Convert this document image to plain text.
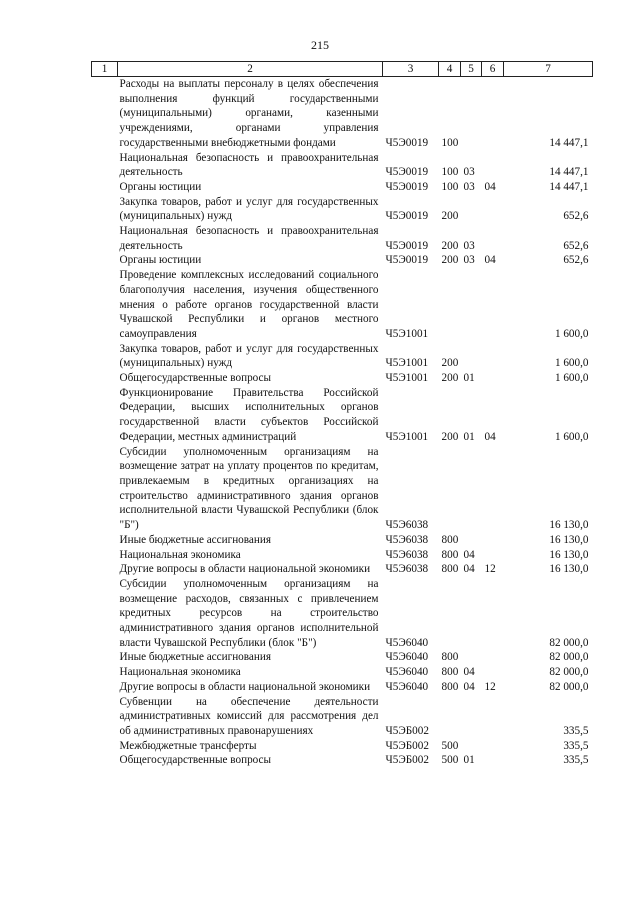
215
1	2	3	4	5	6	7
	Расходы на выплаты персоналу в целях обеспечения выполнения функций государственными (муниципальными) органами, казенными учреждениями, органами управления государственными внебюджетными фондами	Ч5Э0019	100			14 447,1
	Национальная безопасность и правоохранительная деятельность	Ч5Э0019	100	03		14 447,1
	Органы юстиции	Ч5Э0019	100	03	04	14 447,1
	Закупка товаров, работ и услуг для государственных (муниципальных) нужд	Ч5Э0019	200			652,6
	Национальная безопасность и правоохранительная деятельность	Ч5Э0019	200	03		652,6
	Органы юстиции	Ч5Э0019	200	03	04	652,6
	Проведение комплексных исследований социального благополучия населения, изучения общественного мнения о работе органов государственной власти Чувашской Республики и органов местного самоуправления	Ч5Э1001				1 600,0
	Закупка товаров, работ и услуг для государственных (муниципальных) нужд	Ч5Э1001	200			1 600,0
	Общегосударственные вопросы	Ч5Э1001	200	01		1 600,0
	Функционирование Правительства Российской Федерации, высших исполнительных органов государственной власти субъектов Российской Федерации, местных администраций	Ч5Э1001	200	01	04	1 600,0
	Субсидии уполномоченным организациям на возмещение затрат на уплату процентов по кредитам, привлекаемым в кредитных организациях на строительство административного здания органов исполнительной власти Чувашской Республики (блок "Б")	Ч5Э6038				16 130,0
	Иные бюджетные ассигнования	Ч5Э6038	800			16 130,0
	Национальная экономика	Ч5Э6038	800	04		16 130,0
	Другие вопросы в области национальной экономики	Ч5Э6038	800	04	12	16 130,0
	Субсидии уполномоченным организациям на возмещение расходов, связанных с привлечением кредитных ресурсов на строительство административного здания органов исполнительной власти Чувашской Республики (блок "Б")	Ч5Э6040				82 000,0
	Иные бюджетные ассигнования	Ч5Э6040	800			82 000,0
	Национальная экономика	Ч5Э6040	800	04		82 000,0
	Другие вопросы в области национальной экономики	Ч5Э6040	800	04	12	82 000,0
	Субвенции на обеспечение деятельности административных комиссий для рассмотрения дел об административных правонарушениях	Ч5ЭБ002				335,5
	Межбюджетные трансферты	Ч5ЭБ002	500			335,5
	Общегосударственные вопросы	Ч5ЭБ002	500	01		335,5
